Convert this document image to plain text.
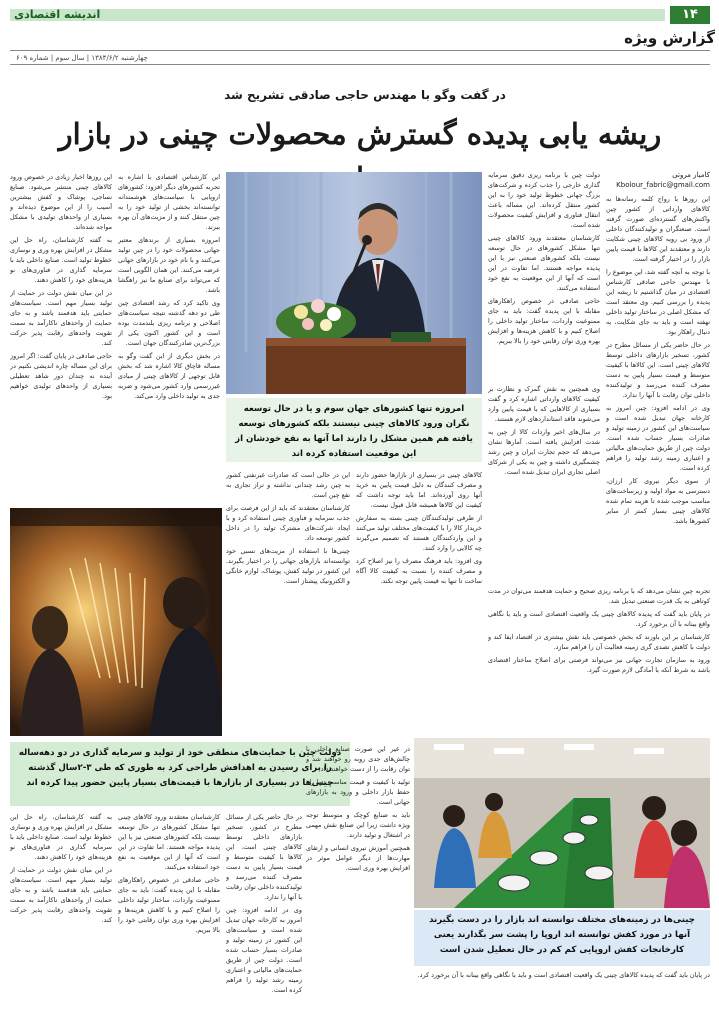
اندیشه اقتصادی	۱۴
گزارش ویژه
چهارشنبه ۱۳۸۴/۶/۲ | سال سوم | شماره ۶۰۹
در گفت وگو با مهندس حاجی صادقی تشریح شد
ریشه یابی پدیده گسترش محصولات چینی در بازار
کامیار مروتی
Kbolour_fabric@gmail.com

این روزها با رواج کلمه رسانه‌ها به کالاهای وارداتی از کشور چین واکنش‌های گسترده‌ای صورت گرفته است. صنعتگران و تولیدکنندگان داخلی از ورود بی رویه کالاهای چینی شکایت دارند و معتقدند این کالاها با قیمت پایین بازار را در اختیار گرفته است.

با توجه به آنچه گفته شد، این موضوع را با مهندس حاجی صادقی کارشناس اقتصادی در میان گذاشتیم تا ریشه این پدیده را بررسی کنیم. وی معتقد است که مشکل اصلی در ساختار تولید داخلی نهفته است و باید به جای شکایت، به دنبال راهکار بود.

در حال حاضر یکی از مسائل مطرح در کشور، تسخیر بازارهای داخلی توسط کالاهای چینی است. این کالاها با کیفیت متوسط و قیمت بسیار پایین به دست مصرف کننده می‌رسد و تولیدکننده داخلی توان رقابت با آنها را ندارد.

وی در ادامه افزود: چین امروز به کارخانه جهان تبدیل شده است و سیاست‌های این کشور در زمینه تولید و صادرات بسیار حساب شده است. دولت چین از طریق حمایت‌های مالیاتی و اعتباری زمینه رشد تولید را فراهم کرده است.

از سوی دیگر نیروی کار ارزان، دسترسی به مواد اولیه و زیرساخت‌های مناسب موجب شده تا هزینه تمام شده کالاهای چینی بسیار کمتر از سایر کشورها باشد.

دولت چین با برنامه ریزی دقیق سرمایه گذاری خارجی را جذب کرده و شرکت‌های بزرگ جهانی خطوط تولید خود را به این کشور منتقل کرده‌اند. این مساله باعث انتقال فناوری و افزایش کیفیت محصولات شده است.

کارشناسان معتقدند ورود کالاهای چینی تنها مشکل کشورهای در حال توسعه نیست بلکه کشورهای صنعتی نیز با این پدیده مواجه هستند. اما تفاوت در این است که آنها از این موقعیت به نفع خود استفاده می‌کنند.

حاجی صادقی در خصوص راهکارهای مقابله با این پدیده گفت: باید به جای ممنوعیت واردات، ساختار تولید داخلی را اصلاح کنیم و با کاهش هزینه‌ها و افزایش بهره وری توان رقابتی خود را بالا ببریم.

وی همچنین به نقش گمرک و نظارت بر کیفیت کالاهای وارداتی اشاره کرد و گفت بسیاری از کالاهایی که با قیمت پایین وارد می‌شوند فاقد استانداردهای لازم هستند.

در سال‌های اخیر واردات کالا از چین به شدت افزایش یافته است. آمارها نشان می‌دهد که حجم تجارت ایران و چین رشد چشمگیری داشته و چین به یکی از شرکای اصلی تجاری ایران تبدیل شده است.

این کارشناس اقتصادی با اشاره به تجربه کشورهای دیگر افزود: کشورهای اروپایی با سیاست‌های هوشمندانه توانسته‌اند بخشی از تولید خود را به چین منتقل کنند و از مزیت‌های آن بهره ببرند.

امروزه بسیاری از برندهای معتبر جهانی محصولات خود را در چین تولید می‌کنند و با نام خود در بازارهای جهانی عرضه می‌کنند. این همان الگویی است که می‌تواند برای صنایع ما نیز راهگشا باشد.

وی تاکید کرد که رشد اقتصادی چین طی دو دهه گذشته نتیجه سیاست‌های اصلاحی و برنامه ریزی بلندمدت بوده است و این کشور اکنون یکی از بزرگ‌ترین صادرکنندگان جهان است.

در بخش دیگری از این گفت وگو به مساله قاچاق کالا اشاره شد که بخش قابل توجهی از کالاهای چینی از مبادی غیررسمی وارد کشور می‌شود و ضربه جدی به تولید داخلی وارد می‌کند.

این روزها اخبار زیادی در خصوص ورود کالاهای چینی منتشر می‌شود. صنایع نساجی، پوشاک و کفش بیشترین آسیب را از این موضوع دیده‌اند و بسیاری از واحدهای تولیدی با مشکل مواجه شده‌اند.

به گفته کارشناسان، راه حل این مشکل در افزایش بهره وری و نوسازی خطوط تولید است. صنایع داخلی باید با سرمایه گذاری در فناوری‌های نو هزینه‌های خود را کاهش دهند.

در این میان نقش دولت در حمایت از تولید بسیار مهم است. سیاست‌های حمایتی باید هدفمند باشد و به جای حمایت از واحدهای ناکارآمد به سمت تقویت واحدهای رقابت پذیر حرکت کند.

حاجی صادقی در پایان گفت: اگر امروز برای این مساله چاره اندیشی نکنیم در آینده نه چندان دور شاهد تعطیلی بسیاری از واحدهای تولیدی خواهیم بود.

امروزه تنها کشورهای جهان سوم و یا در حال توسعه نگران ورود کالاهای چینی نیستند بلکه کشورهای توسعه یافته هم همین مشکل را دارند اما آنها به نفع خودشان از این موقعیت استفاده کرده اند

کالاهای چینی در بسیاری از بازارها حضور دارند و مصرف کنندگان به دلیل قیمت پایین به خرید آنها روی آورده‌اند. اما باید توجه داشت که کیفیت این کالاها همیشه قابل قبول نیست.

از طرفی تولیدکنندگان چینی بسته به سفارش خریدار کالا را با کیفیت‌های مختلف تولید می‌کنند و این واردکنندگان هستند که تصمیم می‌گیرند چه کالایی را وارد کنند.

وی افزود: باید فرهنگ مصرف را نیز اصلاح کرد و مصرف کننده را نسبت به کیفیت کالا آگاه ساخت تا تنها به قیمت پایین توجه نکند.

این در حالی است که صادرات غیرنفتی کشور به چین رشد چندانی نداشته و تراز تجاری به نفع چین است.

کارشناسان معتقدند که باید از این فرصت برای جذب سرمایه و فناوری چینی استفاده کرد و با ایجاد شرکت‌های مشترک تولید را در داخل کشور توسعه داد.

چینی‌ها با استفاده از مزیت‌های نسبی خود توانسته‌اند بازارهای جهانی را در اختیار بگیرند. این کشور در تولید کفش، پوشاک، لوازم خانگی و الکترونیک پیشتاز است.

تجربه چین نشان می‌دهد که با برنامه ریزی صحیح و حمایت هدفمند می‌توان در مدت کوتاهی به یک قدرت صنعتی تبدیل شد.

در پایان باید گفت که پدیده کالاهای چینی یک واقعیت اقتصادی است و باید با نگاهی واقع بینانه با آن برخورد کرد.

کارشناسان بر این باورند که بخش خصوصی باید نقش بیشتری در اقتصاد ایفا کند و دولت با کاهش تصدی گری زمینه فعالیت آن را فراهم سازد.

ورود به سازمان تجارت جهانی نیز می‌تواند فرصتی برای اصلاح ساختار اقتصادی باشد به شرط آنکه با آمادگی لازم صورت گیرد.

دولت چین با حمایت‌های منطقی خود از تولید و سرمایه گذاری در دو دهه‌ساله را برای رسیدن به اهدافش طراحی کرد به طوری که طی ۳-۲سال گذشته چینی‌ها در بسیاری از بازارها با قیمت‌های بسیار پایین حضور پیدا کرده اند
چینی‌ها در زمینه‌های مختلف توانسته اند بازار را در دست بگیرند آنها در مورد کفش توانسته اند اروپا را پشت سر بگذارند یعنی کارخانجات کفش اروپایی کم کم در حال تعطیل شدن است

در غیر این صورت صنایع داخلی با چالش‌های جدی روبه رو خواهند شد و توان رقابت را از دست خواهند داد.

تولید با کیفیت و قیمت مناسب تنها راه حفظ بازار داخلی و ورود به بازارهای جهانی است.

باید به صنایع کوچک و متوسط توجه ویژه داشت زیرا این صنایع نقش مهمی در اشتغال و تولید دارند.

همچنین آموزش نیروی انسانی و ارتقای مهارت‌ها از دیگر عوامل موثر در افزایش بهره وری است.

در حال حاضر یکی از مسائل مطرح در کشور، تسخیر بازارهای داخلی توسط کالاهای چینی است. این کالاها با کیفیت متوسط و قیمت بسیار پایین به دست مصرف کننده می‌رسد و تولیدکننده داخلی توان رقابت با آنها را ندارد.

وی در ادامه افزود: چین امروز به کارخانه جهان تبدیل شده است و سیاست‌های این کشور در زمینه تولید و صادرات بسیار حساب شده است. دولت چین از طریق حمایت‌های مالیاتی و اعتباری زمینه رشد تولید را فراهم کرده است.

کارشناسان معتقدند ورود کالاهای چینی تنها مشکل کشورهای در حال توسعه نیست بلکه کشورهای صنعتی نیز با این پدیده مواجه هستند. اما تفاوت در این است که آنها از این موقعیت به نفع خود استفاده می‌کنند.

حاجی صادقی در خصوص راهکارهای مقابله با این پدیده گفت: باید به جای ممنوعیت واردات، ساختار تولید داخلی را اصلاح کنیم و با کاهش هزینه‌ها و افزایش بهره وری توان رقابتی خود را بالا ببریم.

به گفته کارشناسان، راه حل این مشکل در افزایش بهره وری و نوسازی خطوط تولید است. صنایع داخلی باید با سرمایه گذاری در فناوری‌های نو هزینه‌های خود را کاهش دهند.

در این میان نقش دولت در حمایت از تولید بسیار مهم است. سیاست‌های حمایتی باید هدفمند باشد و به جای حمایت از واحدهای ناکارآمد به سمت تقویت واحدهای رقابت پذیر حرکت کند.

در پایان باید گفت که پدیده کالاهای چینی یک واقعیت اقتصادی است و باید با نگاهی واقع بینانه با آن برخورد کرد.
